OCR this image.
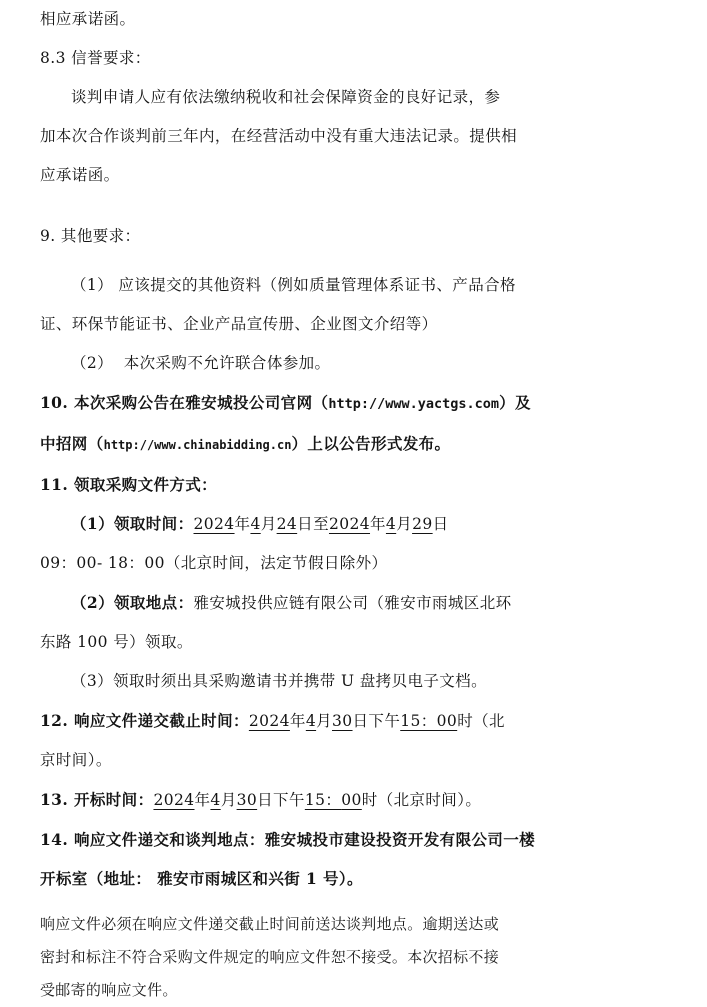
相应承诺函。
8.3 信誉要求：
谈判申请人应有依法缴纳税收和社会保障资金的良好记录，参
加本次合作谈判前三年内，在经营活动中没有重大违法记录。提供相
应承诺函。
9. 其他要求：
（1） 应该提交的其他资料（例如质量管理体系证书、产品合格
证、环保节能证书、企业产品宣传册、企业图文介绍等）
（2）  本次采购不允许联合体参加。
10. 本次采购公告在雅安城投公司官网（http://www.yactgs.com）及
中招网（http://www.chinabidding.cn）上以公告形式发布。
11. 领取采购文件方式：
（1）领取时间：2024年4月24日至2024年4月29日
09：00- 18：00（北京时间，法定节假日除外）
（2）领取地点：雅安城投供应链有限公司（雅安市雨城区北环
东路 100 号）领取。
（3）领取时须出具采购邀请书并携带 U 盘拷贝电子文档。
12. 响应文件递交截止时间：2024年4月30日下午15：00时（北
京时间）。
13. 开标时间：2024年4月30日下午15：00时（北京时间）。
14. 响应文件递交和谈判地点：雅安城投市建设投资开发有限公司一楼
开标室（地址： 雅安市雨城区和兴街 1 号）。
响应文件必须在响应文件递交截止时间前送达谈判地点。逾期送达或
密封和标注不符合采购文件规定的响应文件恕不接受。本次招标不接
受邮寄的响应文件。
